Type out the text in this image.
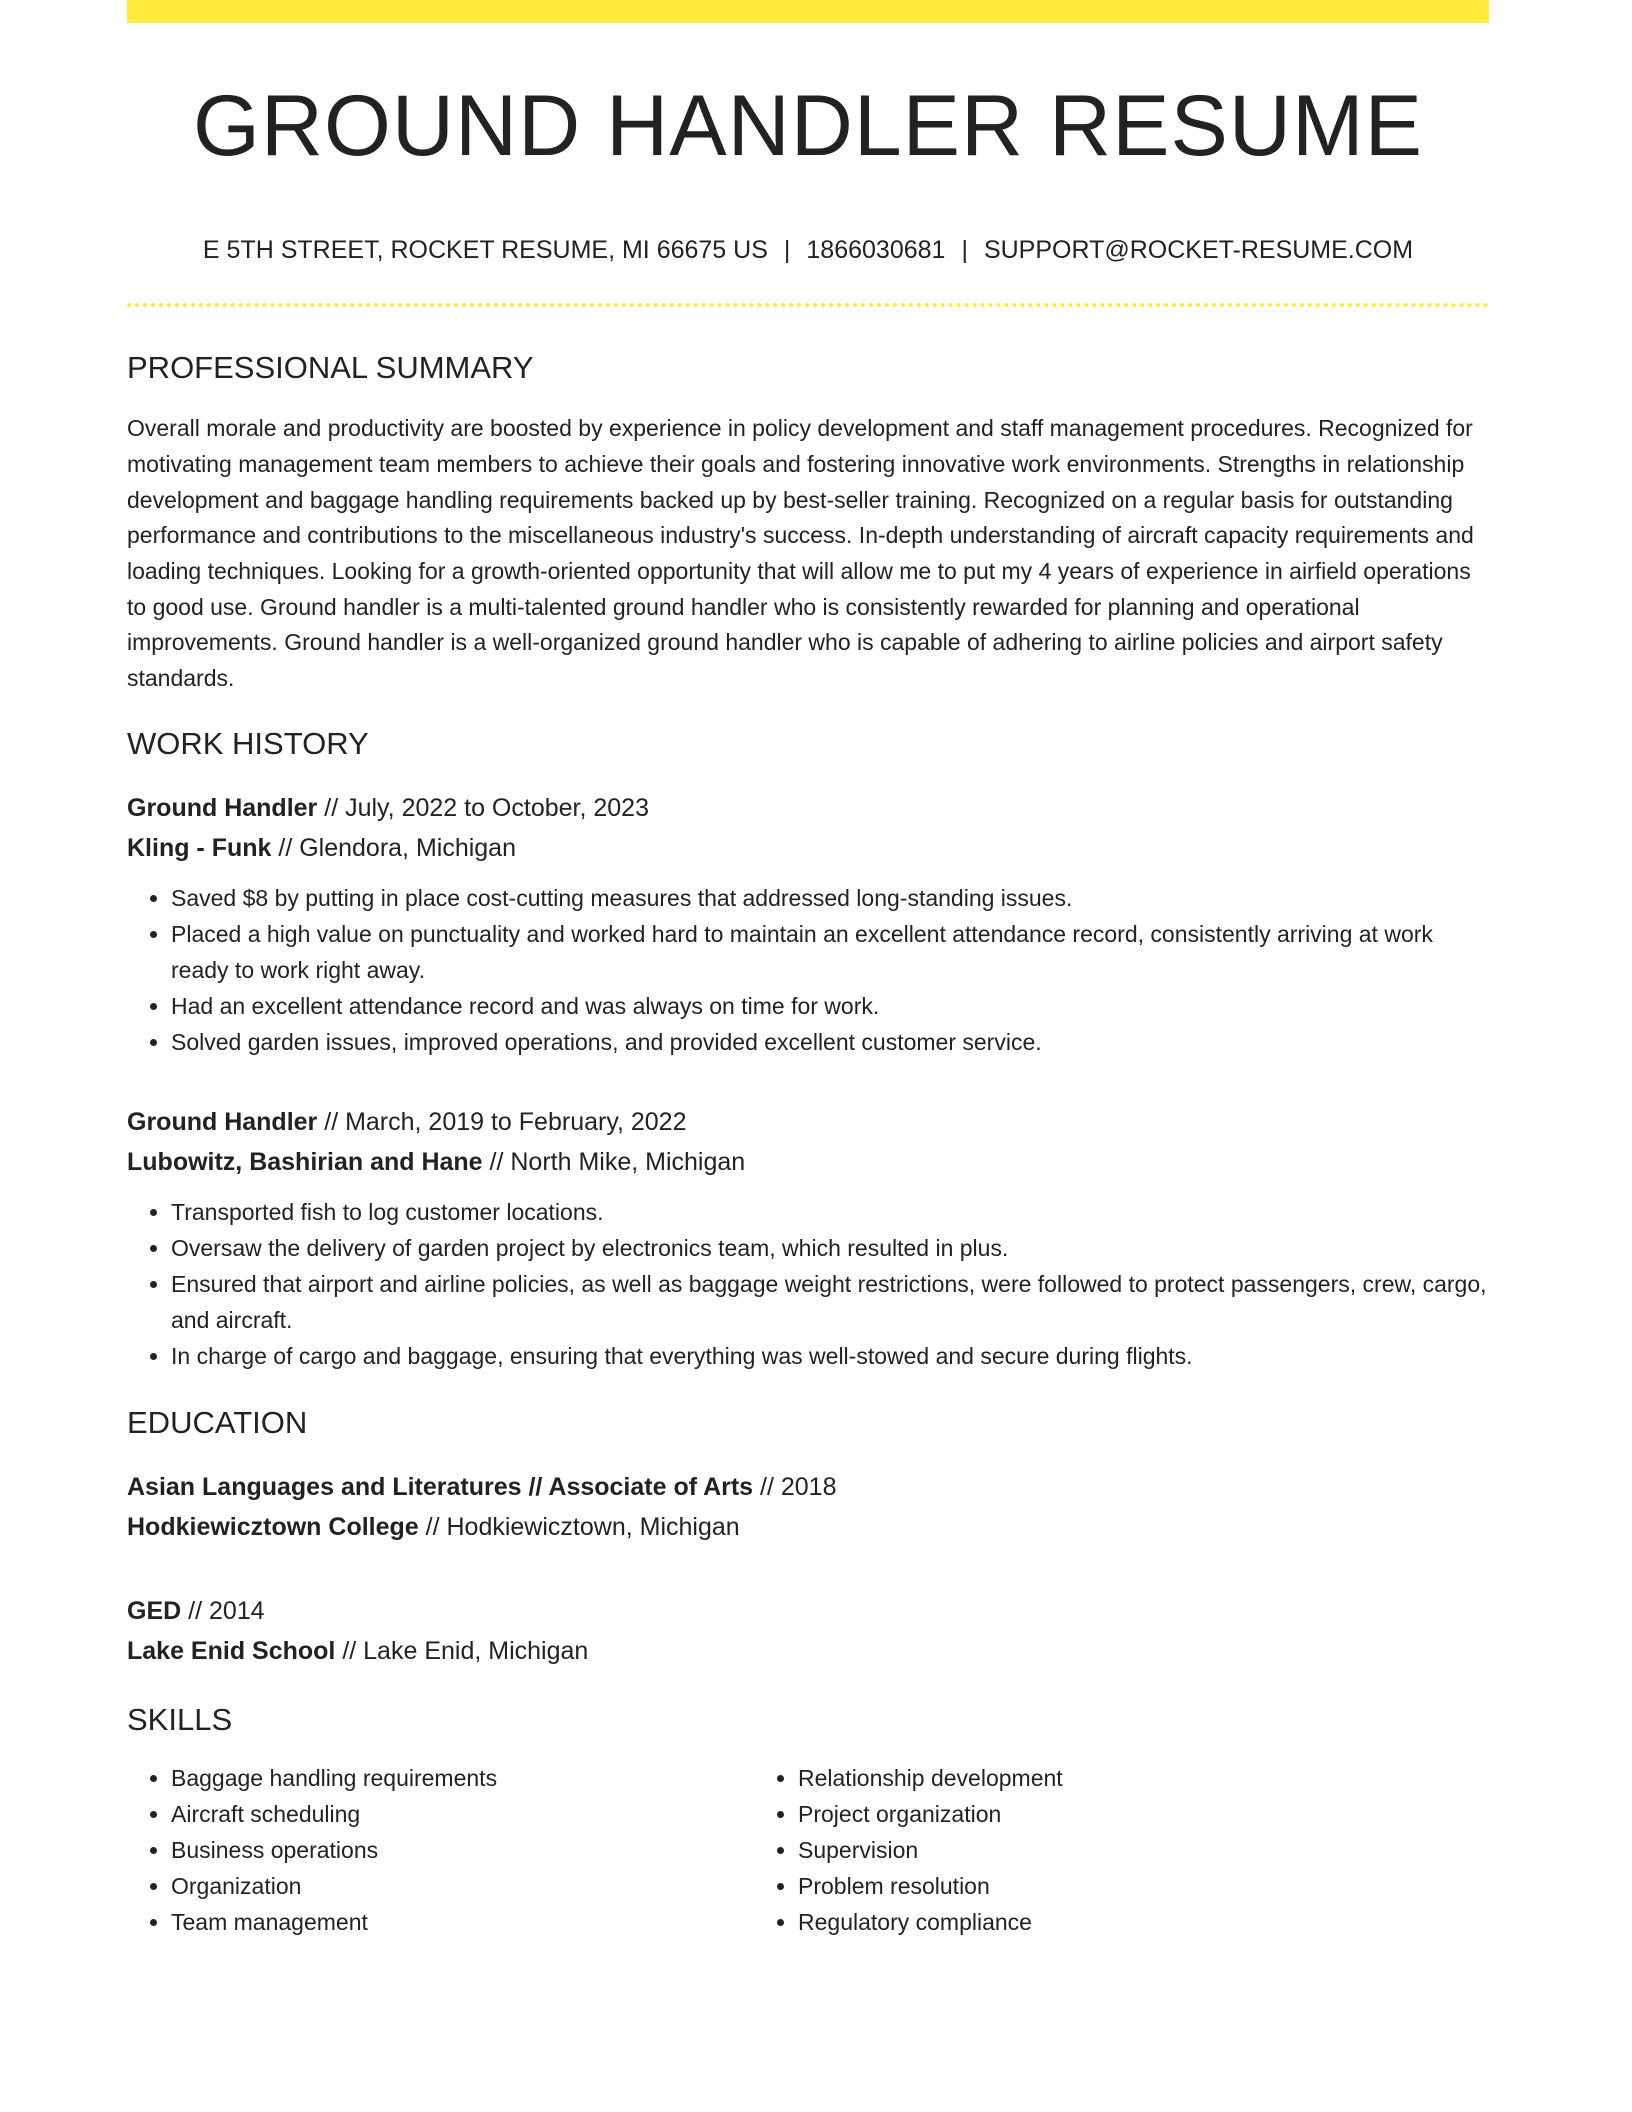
GROUND HANDLER RESUME
E 5TH STREET, ROCKET RESUME, MI 66675 US | 1866030681 | SUPPORT@ROCKET-RESUME.COM
PROFESSIONAL SUMMARY

Overall morale and productivity are boosted by experience in policy development and staff management procedures. Recognized for motivating management team members to achieve their goals and fostering innovative work environments. Strengths in relationship development and baggage handling requirements backed up by best-seller training. Recognized on a regular basis for outstanding performance and contributions to the miscellaneous industry's success. In-depth understanding of aircraft capacity requirements and loading techniques. Looking for a growth-oriented opportunity that will allow me to put my 4 years of experience in airfield operations to good use. Ground handler is a multi-talented ground handler who is consistently rewarded for planning and operational improvements. Ground handler is a well-organized ground handler who is capable of adhering to airline policies and airport safety standards.

WORK HISTORY
Ground Handler // July, 2022 to October, 2023
Kling - Funk // Glendora, Michigan
• Saved $8 by putting in place cost-cutting measures that addressed long-standing issues.
• Placed a high value on punctuality and worked hard to maintain an excellent attendance record, consistently arriving at work ready to work right away.
• Had an excellent attendance record and was always on time for work.
• Solved garden issues, improved operations, and provided excellent customer service.
Ground Handler // March, 2019 to February, 2022
Lubowitz, Bashirian and Hane // North Mike, Michigan
• Transported fish to log customer locations.
• Oversaw the delivery of garden project by electronics team, which resulted in plus.
• Ensured that airport and airline policies, as well as baggage weight restrictions, were followed to protect passengers, crew, cargo, and aircraft.
• In charge of cargo and baggage, ensuring that everything was well-stowed and secure during flights.
EDUCATION
Asian Languages and Literatures // Associate of Arts // 2018
Hodkiewicztown College // Hodkiewicztown, Michigan
GED // 2014
Lake Enid School // Lake Enid, Michigan
SKILLS
• Baggage handling requirements
• Aircraft scheduling
• Business operations
• Organization
• Team management
• Relationship development
• Project organization
• Supervision
• Problem resolution
• Regulatory compliance
